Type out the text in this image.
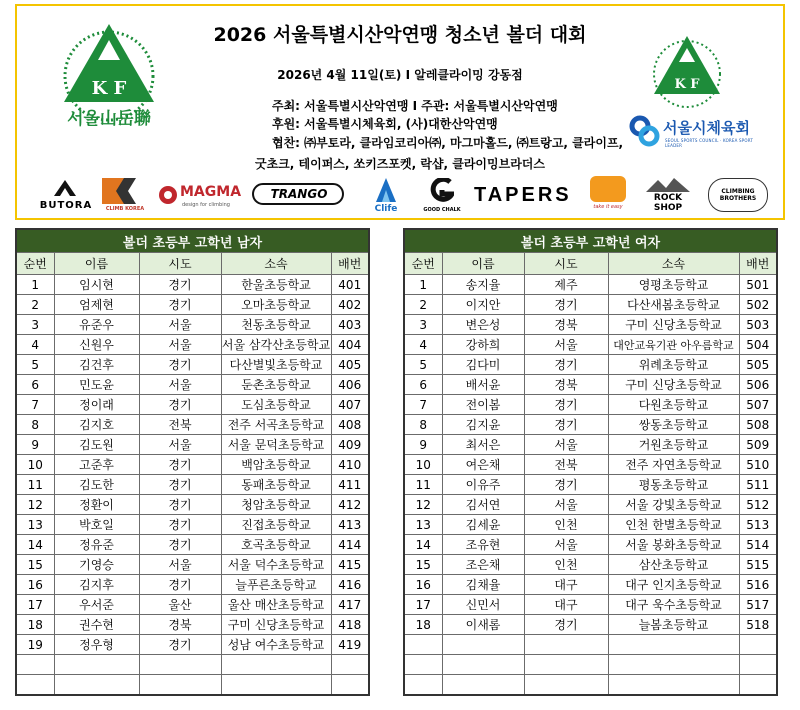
K F
서울山岳聯
K F
서울시체육회
SEOUL SPORTS COUNCIL · KOREA SPORT LEADER
2026 서울특별시산악연맹 청소년 볼더 대회
2026년 4월 11일(토) I 알레클라이밍 강동점
주최: 서울특별시산악연맹 I 주관: 서울특별시산악연맹
후원: 서울특별시체육회, (사)대한산악연맹
협찬: ㈜부토라, 클라임코리아㈜, 마그마홀드, ㈜트랑고, 클라이프,
굿초크, 테이퍼스, 쏘키즈포켓, 락샵, 클라이밍브라더스
BUTORA	CLIMB KOREA
MAGMA
design for climbing
TRANGO
Clife	GOOD CHALK
TAPERS
take it easy
ROCK SHOP
CLIMBING BROTHERS
볼더 초등부 고학년 남자				
순번	이름	시도	소속	배번
1	임시현	경기	한울초등학교	401
2	엄제현	경기	오마초등학교	402
3	유준우	서울	천동초등학교	403
4	신원우	서울	서울 삼각산초등학교	404
5	김건후	경기	다산별빛초등학교	405
6	민도윤	서울	둔촌초등학교	406
7	정이래	경기	도심초등학교	407
8	김지호	전북	전주 서곡초등학교	408
9	김도원	서울	서울 문덕초등학교	409
10	고준후	경기	백암초등학교	410
11	김도한	경기	동패초등학교	411
12	정환이	경기	청암초등학교	412
13	박호일	경기	진접초등학교	413
14	정유준	경기	호곡초등학교	414
15	기영승	서울	서울 덕수초등학교	415
16	김지후	경기	늘푸른초등학교	416
17	우서준	울산	울산 매산초등학교	417
18	권수현	경북	구미 신당초등학교	418
19	정우형	경기	성남 여수초등학교	419

볼더 초등부 고학년 여자				
순번	이름	시도	소속	배번
1	송지율	제주	영평초등학교	501
2	이지안	경기	다산새봄초등학교	502
3	변은성	경북	구미 신당초등학교	503
4	강하희	서울	대안교육기관 아우름학교	504
5	김다미	경기	위례초등학교	505
6	배서윤	경북	구미 신당초등학교	506
7	전이봄	경기	다원초등학교	507
8	김지윤	경기	쌍동초등학교	508
9	최서은	서울	거원초등학교	509
10	여은채	전북	전주 자연초등학교	510
11	이유주	경기	평동초등학교	511
12	김서연	서울	서울 강빛초등학교	512
13	김세윤	인천	인천 한별초등학교	513
14	조유현	서울	서울 봉화초등학교	514
15	조은채	인천	삼산초등학교	515
16	김채율	대구	대구 인지초등학교	516
17	신민서	대구	대구 욱수초등학교	517
18	이새롬	경기	늘봄초등학교	518
